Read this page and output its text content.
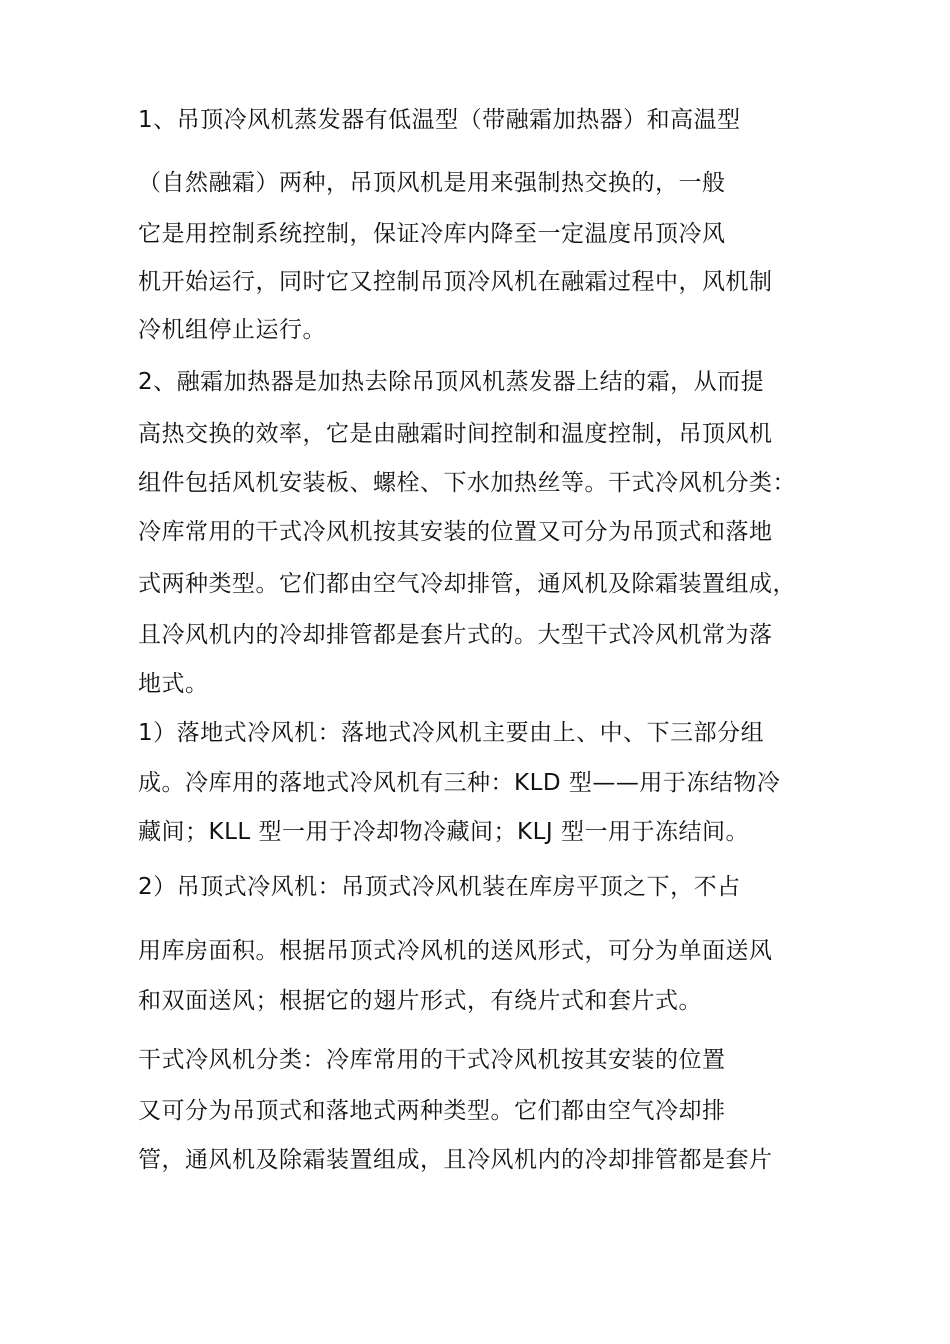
1、吊顶冷风机蒸发器有低温型（带融霜加热器）和高温型
（自然融霜）两种，吊顶风机是用来强制热交换的，一般
它是用控制系统控制，保证冷库内降至一定温度吊顶冷风
机开始运行，同时它又控制吊顶冷风机在融霜过程中，风机制
冷机组停止运行。
2、融霜加热器是加热去除吊顶风机蒸发器上结的霜，从而提
高热交换的效率，它是由融霜时间控制和温度控制，吊顶风机
组件包括风机安装板、螺栓、下水加热丝等。干式冷风机分类：
冷库常用的干式冷风机按其安装的位置又可分为吊顶式和落地
式两种类型。它们都由空气冷却排管，通风机及除霜装置组成，
且冷风机内的冷却排管都是套片式的。大型干式冷风机常为落
地式。
1）落地式冷风机：落地式冷风机主要由上、中、下三部分组
成。冷库用的落地式冷风机有三种：KLD 型——用于冻结物冷
藏间；KLL 型一用于冷却物冷藏间；KLJ 型一用于冻结间。
2）吊顶式冷风机：吊顶式冷风机装在库房平顶之下，不占
用库房面积。根据吊顶式冷风机的送风形式，可分为单面送风
和双面送风；根据它的翅片形式，有绕片式和套片式。
干式冷风机分类：冷库常用的干式冷风机按其安装的位置
又可分为吊顶式和落地式两种类型。它们都由空气冷却排
管，通风机及除霜装置组成，且冷风机内的冷却排管都是套片
